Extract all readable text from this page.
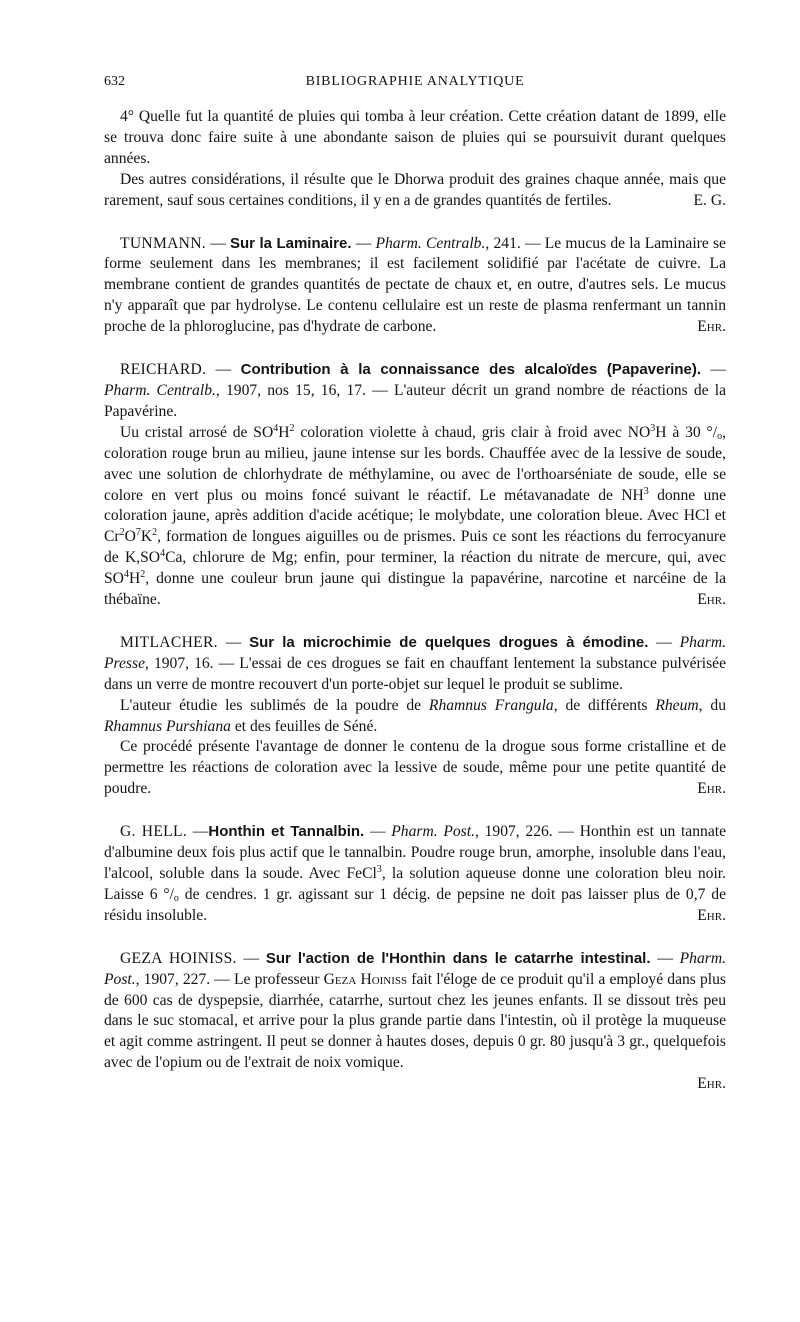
632	BIBLIOGRAPHIE ANALYTIQUE

4° Quelle fut la quantité de pluies qui tomba à leur création. Cette création datant de 1899, elle se trouva donc faire suite à une abondante saison de pluies qui se poursuivit durant quelques années.

Des autres considérations, il résulte que le Dhorwa produit des graines chaque année, mais que rarement, sauf sous certaines conditions, il y en a de grandes quantités de fertiles.	E. G.

TUNMANN. — Sur la Laminaire. — Pharm. Centralb., 241. — Le mucus de la Laminaire se forme seulement dans les membranes; il est facilement solidifié par l'acétate de cuivre. La membrane contient de grandes quantités de pectate de chaux et, en outre, d'autres sels. Le mucus n'y apparaît que par hydrolyse. Le contenu cellulaire est un reste de plasma renfermant un tannin proche de la phloroglucine, pas d'hydrate de carbone.	Ehr.

REICHARD. — Contribution à la connaissance des alcaloïdes (Papaverine). — Pharm. Centralb., 1907, nos 15, 16, 17. — L'auteur décrit un grand nombre de réactions de la Papavérine.

Uu cristal arrosé de $SO^4H^2$ coloration violette à chaud, gris clair à froid avec $NO^3H$ à 30 $^\circ/_o$, coloration rouge brun au milieu, jaune intense sur les bords. Chauffée avec de la lessive de soude, avec une solution de chlorhydrate de méthylamine, ou avec de l'orthoarséniate de soude, elle se colore en vert plus ou moins foncé suivant le réactif. Le métavanadate de $NH^3$ donne une coloration jaune, après addition d'acide acétique; le molybdate, une coloration bleue. Avec HCl et $Cr^2O^7K^2$, formation de longues aiguilles ou de prismes. Puis ce sont les réactions du ferrocyanure de $K,SO^4Ca$, chlorure de Mg; enfin, pour terminer, la réaction du nitrate de mercure, qui, avec $SO^4H^2$, donne une couleur brun jaune qui distingue la papavérine, narcotine et narcéine de la thébaïne.	Ehr.

MITLACHER. — Sur la microchimie de quelques drogues à émodine. — Pharm. Presse, 1907, 16. — L'essai de ces drogues se fait en chauffant lentement la substance pulvérisée dans un verre de montre recouvert d'un porte-objet sur lequel le produit se sublime.

L'auteur étudie les sublimés de la poudre de Rhamnus Frangula, de différents Rheum, du Rhamnus Purshiana et des feuilles de Séné.

Ce procédé présente l'avantage de donner le contenu de la drogue sous forme cristalline et de permettre les réactions de coloration avec la lessive de soude, même pour une petite quantité de poudre.	Ehr.

G. HELL. —Honthin et Tannalbin. — Pharm. Post., 1907, 226. — Honthin est un tannate d'albumine deux fois plus actif que le tannalbin. Poudre rouge brun, amorphe, insoluble dans l'eau, l'alcool, soluble dans la soude. Avec FeCl$^3$, la solution aqueuse donne une coloration bleu noir. Laisse 6 $^\circ/_o$ de cendres. 1 gr. agissant sur 1 décig. de pepsine ne doit pas laisser plus de 0,7 de résidu insoluble.	Ehr.

GEZA HOINISS. — Sur l'action de l'Honthin dans le catarrhe intestinal. — Pharm. Post., 1907, 227. — Le professeur Geza Hoiniss fait l'éloge de ce produit qu'il a employé dans plus de 600 cas de dyspepsie, diarrhée, catarrhe, surtout chez les jeunes enfants. Il se dissout très peu dans le suc stomacal, et arrive pour la plus grande partie dans l'intestin, où il protège la muqueuse et agit comme astringent. Il peut se donner à hautes doses, depuis 0 gr. 80 jusqu'à 3 gr., quelquefois avec de l'opium ou de l'extrait de noix vomique.

Ehr.
